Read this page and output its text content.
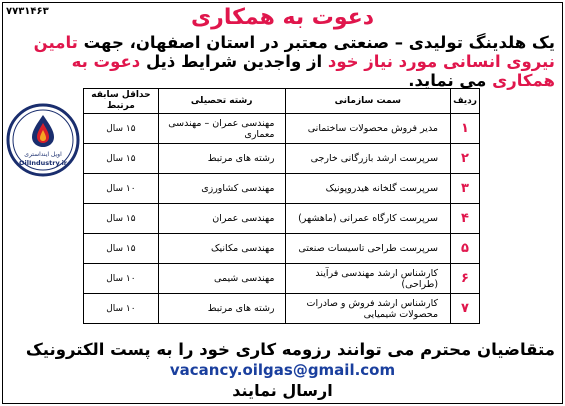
۷۷۳۱۴۶۳	دعوت به همکاری
یک هلدینگ تولیدی – صنعتی معتبر در استان اصفهان، جهت تامین نیروی انسانی مورد نیاز خود از واجدین شرایط ذیل دعوت به همکاری می نماید.
اویل اینداستری
OilIndustry.ir
ردیف	سمت سازمانی	رشته تحصیلی	حداقل سابقه مرتبط
۱	مدیر فروش محصولات ساختمانی	مهندسی عمران – مهندسی معماری	۱۵ سال
۲	سرپرست ارشد بازرگانی خارجی	رشته های مرتبط	۱۵ سال
۳	سرپرست گلخانه هیدروپونیک	مهندسی کشاورزی	۱۰ سال
۴	سرپرست کارگاه عمرانی (ماهشهر)	مهندسی عمران	۱۵ سال
۵	سرپرست طراحی تاسیسات صنعتی	مهندسی مکانیک	۱۵ سال
۶	کارشناس ارشد مهندسی فرآیند (طراحی)	مهندسی شیمی	۱۰ سال
۷	کارشناس ارشد فروش و صادرات محصولات شیمیایی	رشته های مرتبط	۱۰ سال
متقاضیان محترم می توانند رزومه کاری خود را به پست الکترونیک
vacancy.oilgas@gmail.com
ارسال نمایند
